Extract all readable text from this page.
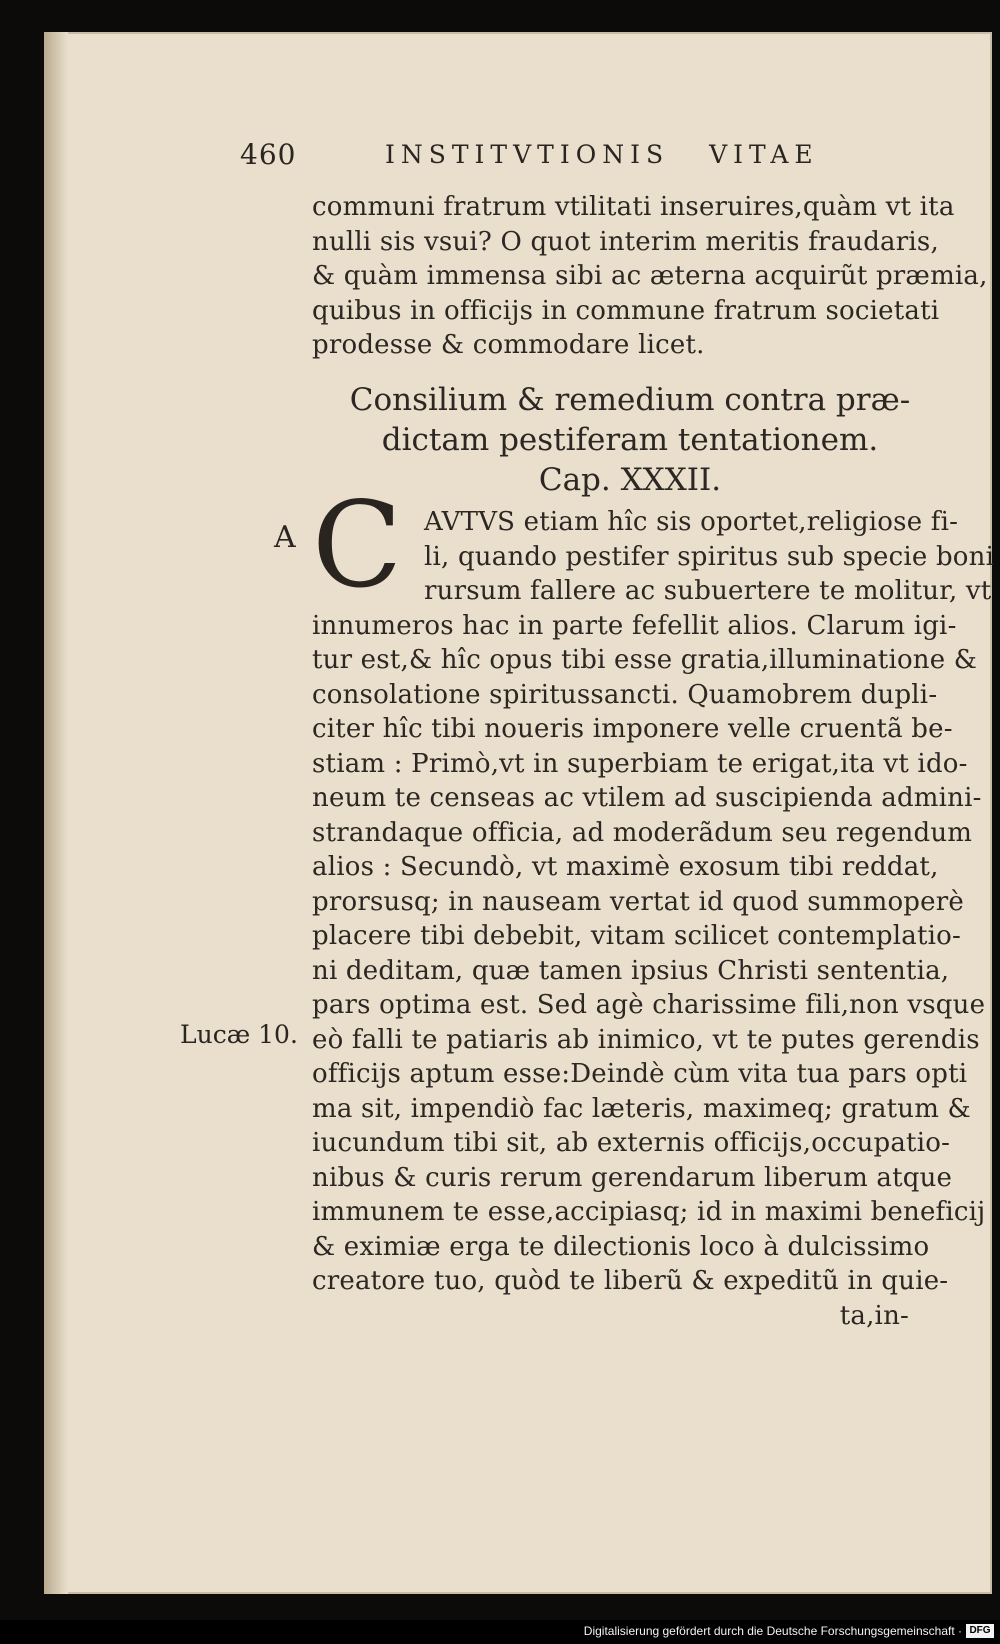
460	INSTITVTIONIS VITAE
communi fratrum vtilitati inseruires,quàm vt ita
nulli sis vsui? O quot interim meritis fraudaris,
& quàm immensa sibi ac æterna acquirũt præmia,
quibus in officijs in commune fratrum societati
prodesse & commodare licet.
Consilium & remedium contra præ-
dictam pestiferam tentationem.
Cap. XXXII.
A C AVTVS etiam hîc sis oportet,religiose fi-
li, quando pestifer spiritus sub specie boni
rursum fallere ac subuertere te molitur, vt
innumeros hac in parte fefellit alios. Clarum igi-
tur est,& hîc opus tibi esse gratia,illuminatione &
consolatione spiritussancti. Quamobrem dupli-
citer hîc tibi noueris imponere velle cruentã be-
stiam : Primò,vt in superbiam te erigat,ita vt ido-
neum te censeas ac vtilem ad suscipienda admini-
strandaque officia, ad moderãdum seu regendum
alios : Secundò, vt maximè exosum tibi reddat,
prorsusq; in nauseam vertat id quod summoperè
placere tibi debebit, vitam scilicet contemplatio-
ni deditam, quæ tamen ipsius Christi sententia,
pars optima est. Sed agè charissime fili,non vsque
eò falli te patiaris ab inimico, vt te putes gerendis
officijs aptum esse:Deindè cùm vita tua pars opti
ma sit, impendiò fac læteris, maximeq; gratum &
iucundum tibi sit, ab externis officijs,occupatio-
nibus & curis rerum gerendarum liberum atque
immunem te esse,accipiasq; id in maximi beneficij
& eximiæ erga te dilectionis loco à dulcissimo
creatore tuo, quòd te liberũ & expeditũ in quie-
ta,in-
Lucæ 10.
Digitalisierung gefördert durch die Deutsche Forschungsgemeinschaft · DFG
